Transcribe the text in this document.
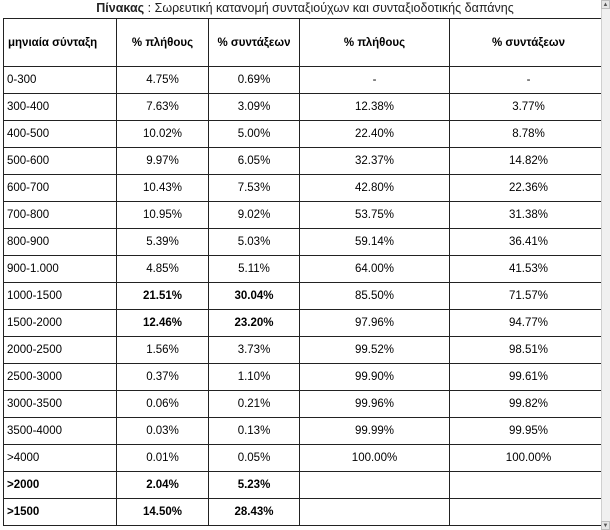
Πίνακας : Σωρευτική κατανομή συνταξιούχων και συνταξιοδοτικής δαπάνης
μηνιαία σύνταξη	% πλήθους	% συντάξεων	% πλήθους	% συντάξεων
0-300	4.75%	0.69%	-	-
300-400	7.63%	3.09%	12.38%	3.77%
400-500	10.02%	5.00%	22.40%	8.78%
500-600	9.97%	6.05%	32.37%	14.82%
600-700	10.43%	7.53%	42.80%	22.36%
700-800	10.95%	9.02%	53.75%	31.38%
800-900	5.39%	5.03%	59.14%	36.41%
900-1.000	4.85%	5.11%	64.00%	41.53%
1000-1500	21.51%	30.04%	85.50%	71.57%
1500-2000	12.46%	23.20%	97.96%	94.77%
2000-2500	1.56%	3.73%	99.52%	98.51%
2500-3000	0.37%	1.10%	99.90%	99.61%
3000-3500	0.06%	0.21%	99.96%	99.82%
3500-4000	0.03%	0.13%	99.99%	99.95%
>4000	0.01%	0.05%	100.00%	100.00%
>2000	2.04%	5.23%		
>1500	14.50%	28.43%		
▲
▼
